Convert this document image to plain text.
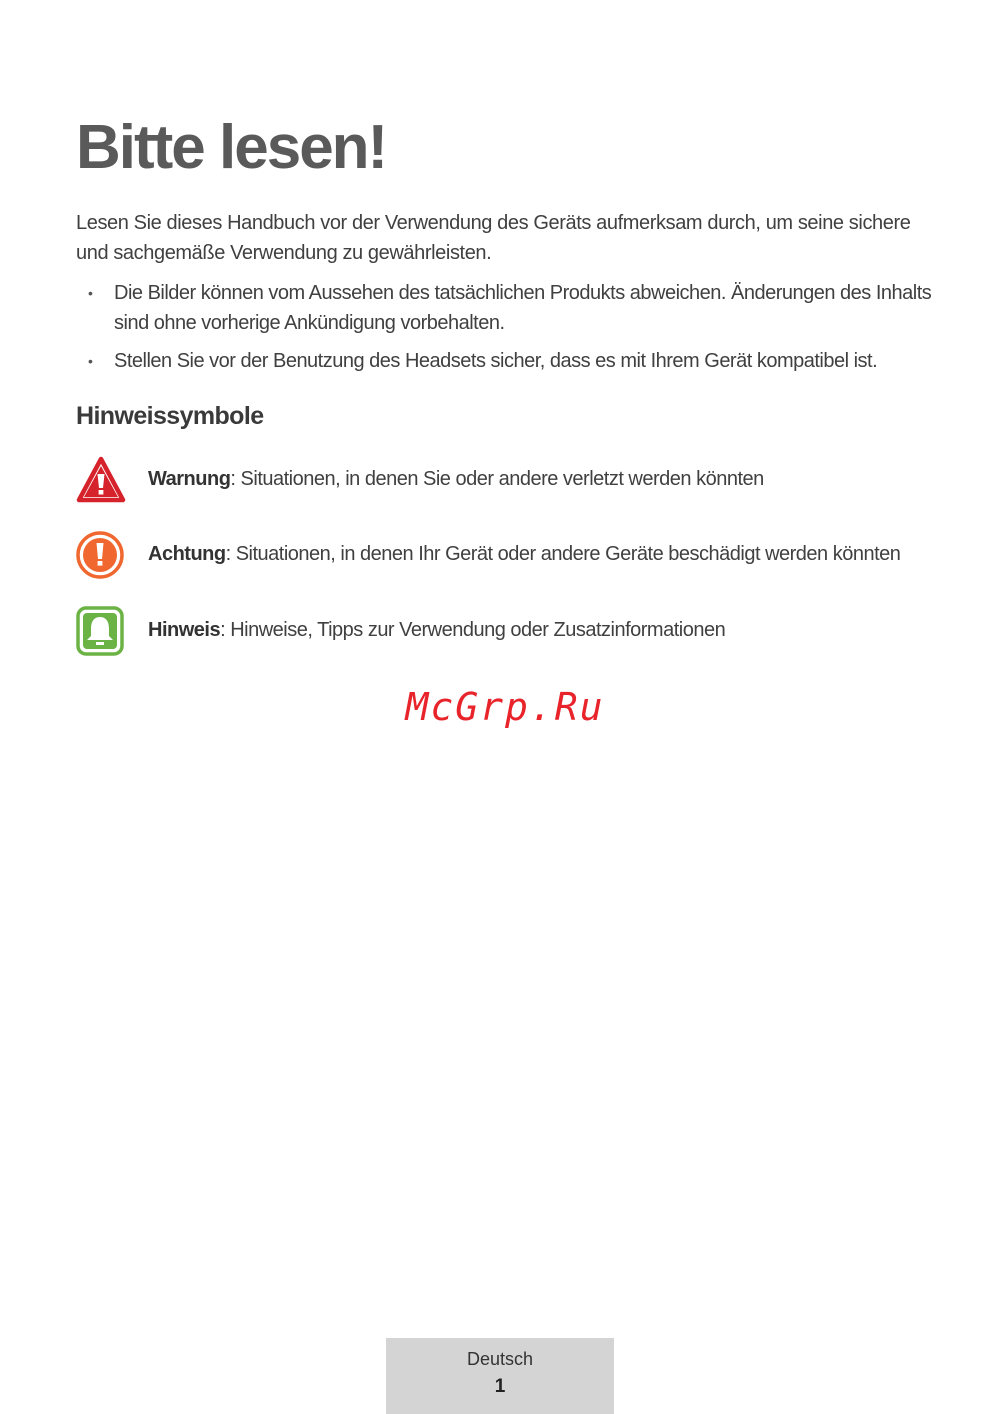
Bitte lesen!

Lesen Sie dieses Handbuch vor der Verwendung des Geräts aufmerksam durch, um seine sichere und sachgemäße Verwendung zu gewährleisten.

• Die Bilder können vom Aussehen des tatsächlichen Produkts abweichen. Änderungen des Inhalts sind ohne vorherige Ankündigung vorbehalten.
• Stellen Sie vor der Benutzung des Headsets sicher, dass es mit Ihrem Gerät kompatibel ist.
Hinweissymbole
Warnung: Situationen, in denen Sie oder andere verletzt werden könnten
Achtung: Situationen, in denen Ihr Gerät oder andere Geräte beschädigt werden könnten
Hinweis: Hinweise, Tipps zur Verwendung oder Zusatzinformationen
McGrp.Ru
Deutsch
1
